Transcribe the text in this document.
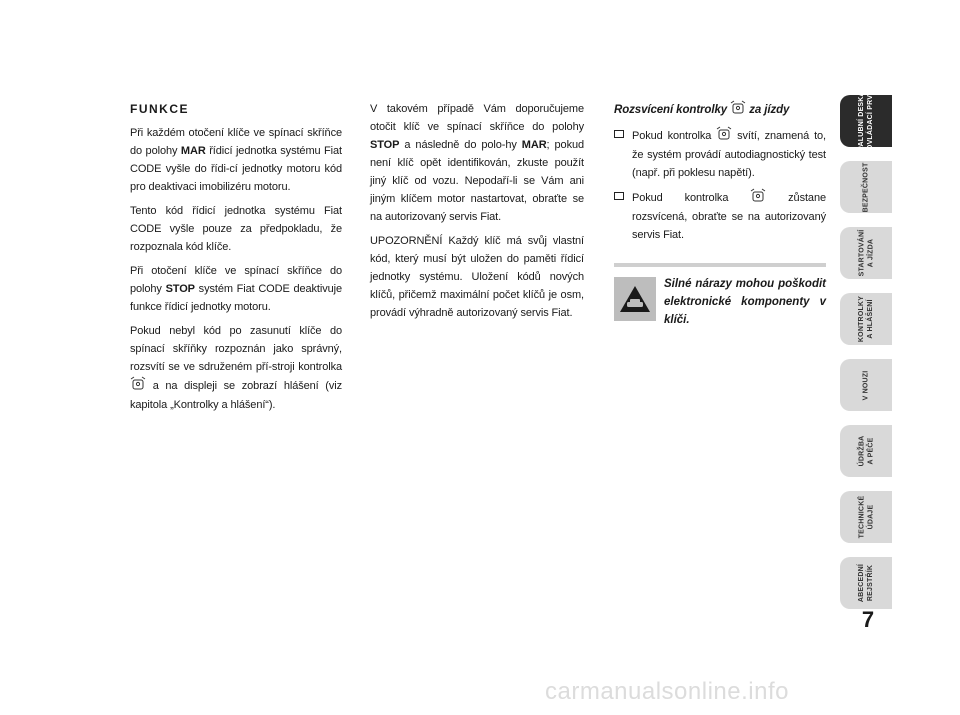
FUNKCE

Při každém otočení klíče ve spínací skříňce do polohy MAR řídicí jednotka systému Fiat CODE vyšle do řídi-cí jednotky motoru kód pro deaktivaci imobilizéru motoru.

Tento kód řídicí jednotka systému Fiat CODE vyšle pouze za předpokladu, že rozpoznala kód klíče.

Při otočení klíče ve spínací skříňce do polohy STOP systém Fiat CODE deaktivuje funkce řídicí jednotky motoru.

Pokud nebyl kód po zasunutí klíče do spínací skříňky rozpoznán jako správný, rozsvítí se ve sdruženém pří-stroji kontrolka  a na displeji se zobrazí hlášení (viz kapitola „Kontrolky a hlášení“).

V takovém případě Vám doporučujeme otočit klíč ve spínací skříňce do polohy STOP a následně do polo-hy MAR; pokud není klíč opět identifikován, zkuste použít jiný klíč od vozu. Nepodaří-li se Vám ani jiným klíčem motor nastartovat, obraťte se na autorizovaný servis Fiat.

UPOZORNĚNÍ Každý klíč má svůj vlastní kód, který musí být uložen do paměti řídicí jednotky systému. Uložení kódů nových klíčů, přičemž maximální počet klíčů je osm, provádí výhradně autorizovaný servis Fiat.

Rozsvícení kontrolky  za jízdy
Pokud kontrolka  svítí, znamená to, že systém provádí autodiagnostický test (např. při poklesu napětí).
Pokud kontrolka  zůstane rozsvícená, obraťte se na autorizovaný servis Fiat.
Silné nárazy mohou poškodit elektronické komponenty v klíči.
PALUBNÍ DESKA A OVLÁDACÍ PRVKY
BEZPEČNOST
STARTOVÁNÍ A JÍZDA
KONTROLKY A HLÁŠENÍ
V NOUZI
ÚDRŽBA A PÉČE
TECHNICKÉ ÚDAJE
ABECEDNÍ REJSTŘÍK
7
carmanualsonline.info
